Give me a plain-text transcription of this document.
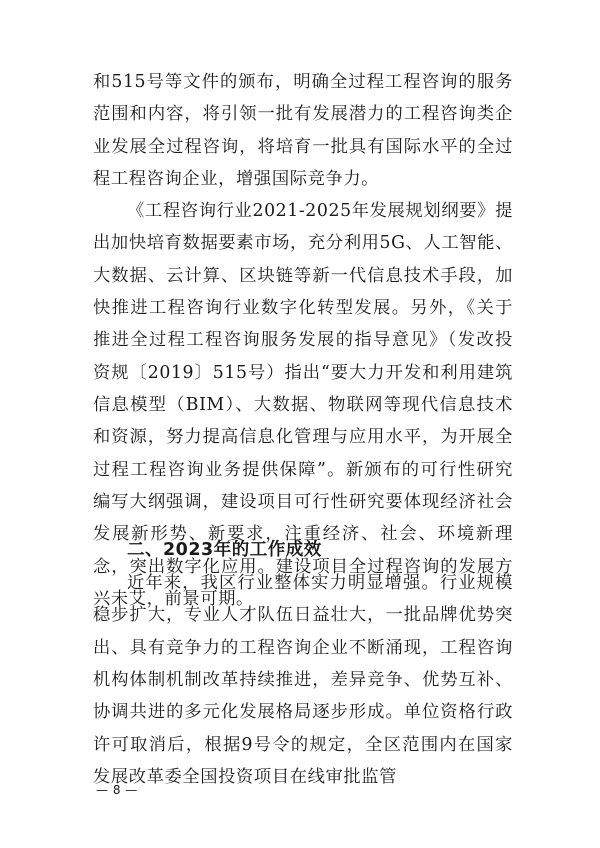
和515号等文件的颁布，明确全过程工程咨询的服务范围和内容，将引领一批有发展潜力的工程咨询类企业发展全过程咨询，将培育一批具有国际水平的全过程工程咨询企业，增强国际竞争力。

《工程咨询行业2021-2025年发展规划纲要》提出加快培育数据要素市场，充分利用5G、人工智能、大数据、云计算、区块链等新一代信息技术手段，加快推进工程咨询行业数字化转型发展。另外，《关于推进全过程工程咨询服务发展的指导意见》（发改投资规〔2019〕515号）指出“要大力开发和利用建筑信息模型（BIM）、大数据、物联网等现代信息技术和资源，努力提高信息化管理与应用水平，为开展全过程工程咨询业务提供保障”。新颁布的可行性研究编写大纲强调，建设项目可行性研究要体现经济社会发展新形势、新要求，注重经济、社会、环境新理念，突出数字化应用。建设项目全过程咨询的发展方兴未艾，前景可期。

二、2023年的工作成效

近年来，我区行业整体实力明显增强。行业规模稳步扩大，专业人才队伍日益壮大，一批品牌优势突出、具有竞争力的工程咨询企业不断涌现，工程咨询机构体制机制改革持续推进，差异竞争、优势互补、协调共进的多元化发展格局逐步形成。单位资格行政许可取消后，根据9号令的规定，全区范围内在国家发展改革委全国投资项目在线审批监管

— 8 —
